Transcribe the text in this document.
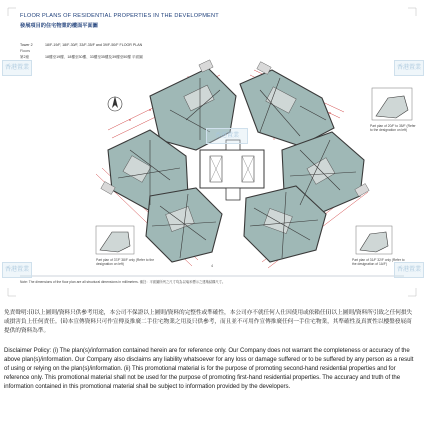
FLOOR PLANS OF RESIDENTIAL PROPERTIES IN THE DEVELOPMENT
發展項目的住宅物業的樓面平面圖
Tower 2	18/F-19/F, 18/F-30/F, 33/F-35/F and 39/F-50/F FLOOR PLAN
第2座	18樓至19樓、18樓至30樓、33樓至35樓及39樓至50樓 平面圖
Floors
香港置業
香港置業	香港置業
香港置業	香港置業
Part plan of 20/F to 35/F (Refer to the designation on left)
Part plan of 37/F 38/F only (Refer to the designation on left)
Part plan of 31/F 32/F only (Refer to the designation of 1A/F)
4
Note: The dimensions of the floor plan are all structural dimensions in millimeters. 備註：平面圖所列之尺寸均為以毫米標示之建築結構尺寸。
免責聲明:(i)以上圖則/資料只供參考用途，本公司不保證以上圖則/資料的完整性或準確性，本公司亦不就任何人仕因使用或依賴任(i)以上圖則/資料所引致之任何損失或損害負上任何責任。(ii)本宣傳資料只可作宣傳及推廣二手住宅物業之用及只供參考，而且並不可用作宣傳推廣任何一手住宅物業，其準確性及真實性以樓盤發展商提供的資料為準。
Disclaimer Policy: (i) The plan(s)/information contained herein are for reference only. Our Company does not warrant the completeness or accuracy of the above plan(s)/information. Our Company also disclaims any liability whatsoever for any loss or damage suffered or to be suffered by any person as a result of using or relying on the plan(s)/information. (ii) This promotional material is for the purpose of promoting second-hand residential properties and for reference only. This promotional material shall not be used for the purpose of promoting first-hand residential properties. The accuracy and truth of the information contained in this promotional material shall be subject to information provided by the developers.
